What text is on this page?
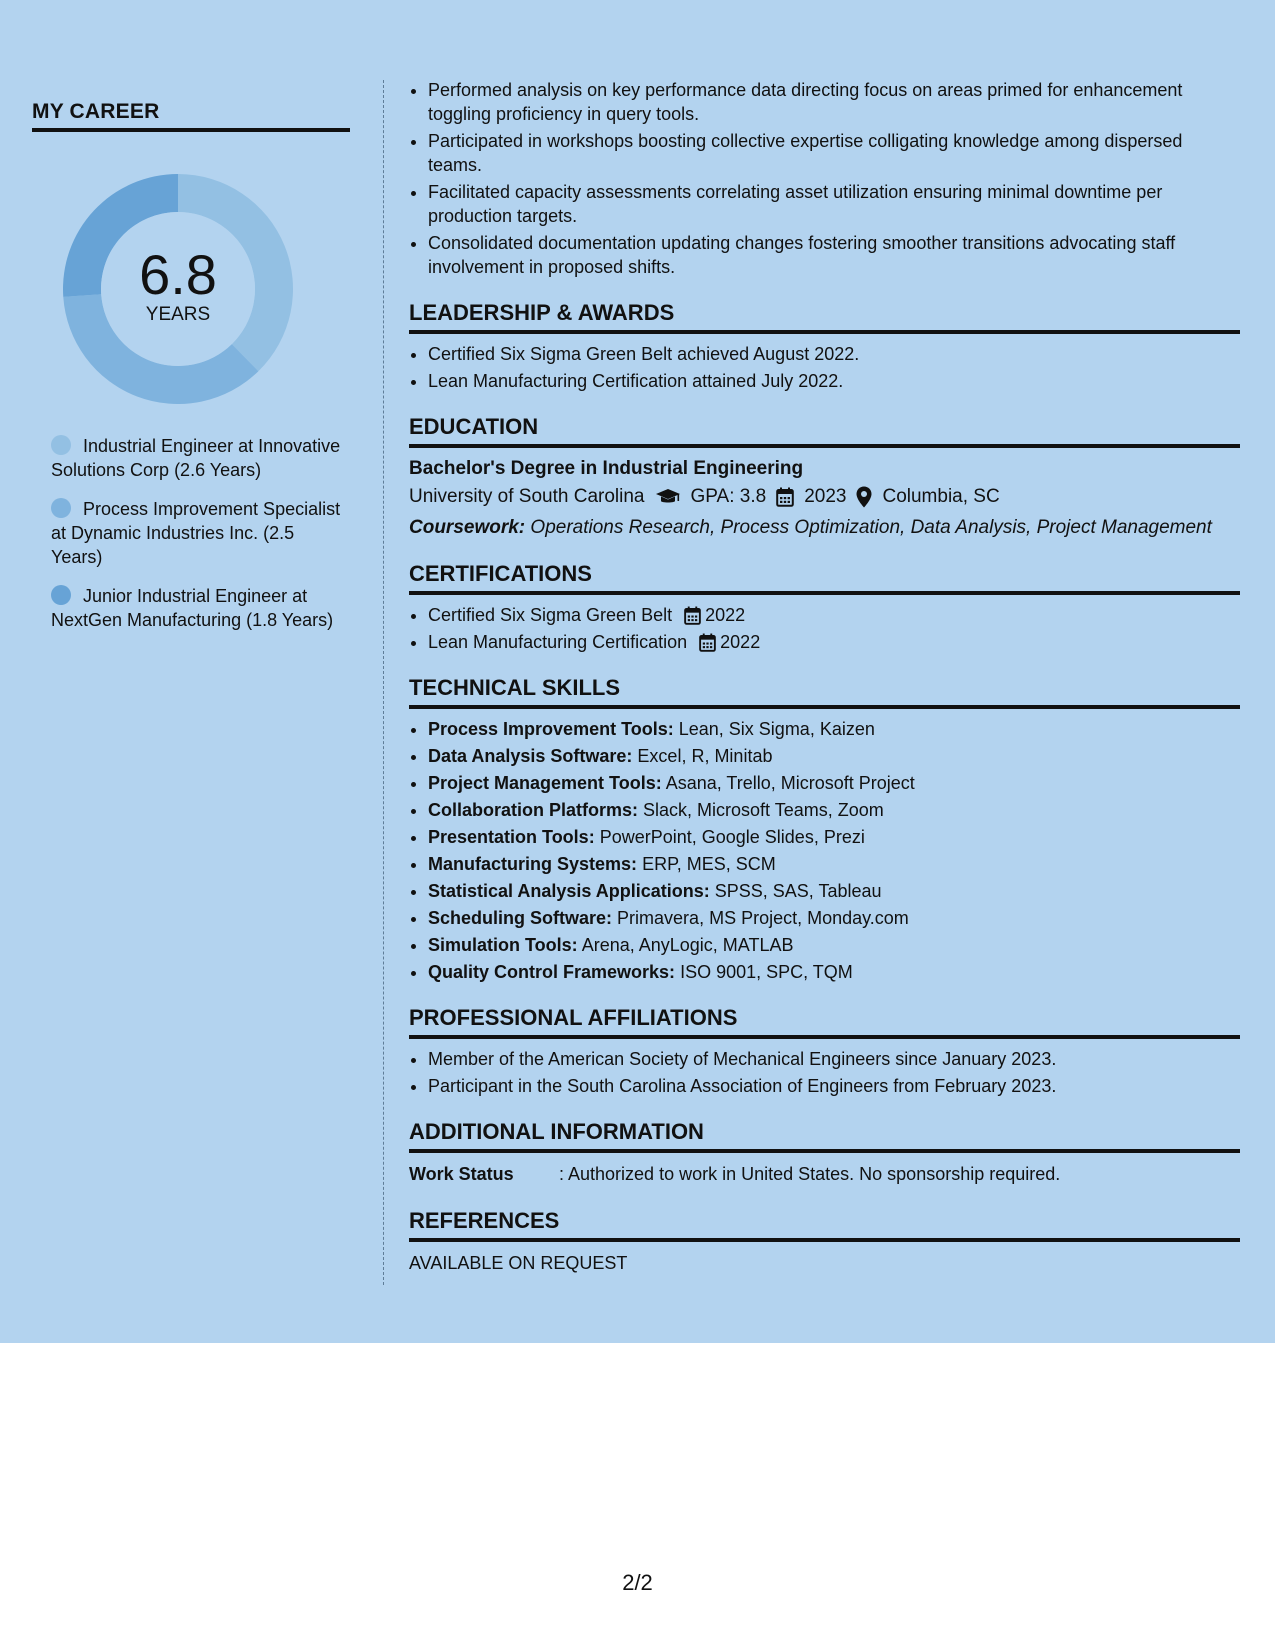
MY CAREER
6.8
YEARS
Industrial Engineer at Innovative Solutions Corp (2.6 Years)
Process Improvement Specialist at Dynamic Industries Inc. (2.5 Years)
Junior Industrial Engineer at NextGen Manufacturing (1.8 Years)
• Performed analysis on key performance data directing focus on areas primed for enhancement toggling proficiency in query tools.
• Participated in workshops boosting collective expertise colligating knowledge among dispersed teams.
• Facilitated capacity assessments correlating asset utilization ensuring minimal downtime per production targets.
• Consolidated documentation updating changes fostering smoother transitions advocating staff involvement in proposed shifts.
LEADERSHIP & AWARDS
• Certified Six Sigma Green Belt achieved August 2022.
• Lean Manufacturing Certification attained July 2022.
EDUCATION
Bachelor's Degree in Industrial Engineering
University of South Carolina GPA: 3.8 2023 Columbia, SC
Coursework: Operations Research, Process Optimization, Data Analysis, Project Management
CERTIFICATIONS
• Certified Six Sigma Green Belt 2022
• Lean Manufacturing Certification 2022
TECHNICAL SKILLS
• Process Improvement Tools: Lean, Six Sigma, Kaizen
• Data Analysis Software: Excel, R, Minitab
• Project Management Tools: Asana, Trello, Microsoft Project
• Collaboration Platforms: Slack, Microsoft Teams, Zoom
• Presentation Tools: PowerPoint, Google Slides, Prezi
• Manufacturing Systems: ERP, MES, SCM
• Statistical Analysis Applications: SPSS, SAS, Tableau
• Scheduling Software: Primavera, MS Project, Monday.com
• Simulation Tools: Arena, AnyLogic, MATLAB
• Quality Control Frameworks: ISO 9001, SPC, TQM
PROFESSIONAL AFFILIATIONS
• Member of the American Society of Mechanical Engineers since January 2023.
• Participant in the South Carolina Association of Engineers from February 2023.
ADDITIONAL INFORMATION
Work Status	: Authorized to work in United States. No sponsorship required.
REFERENCES
AVAILABLE ON REQUEST
2/2
